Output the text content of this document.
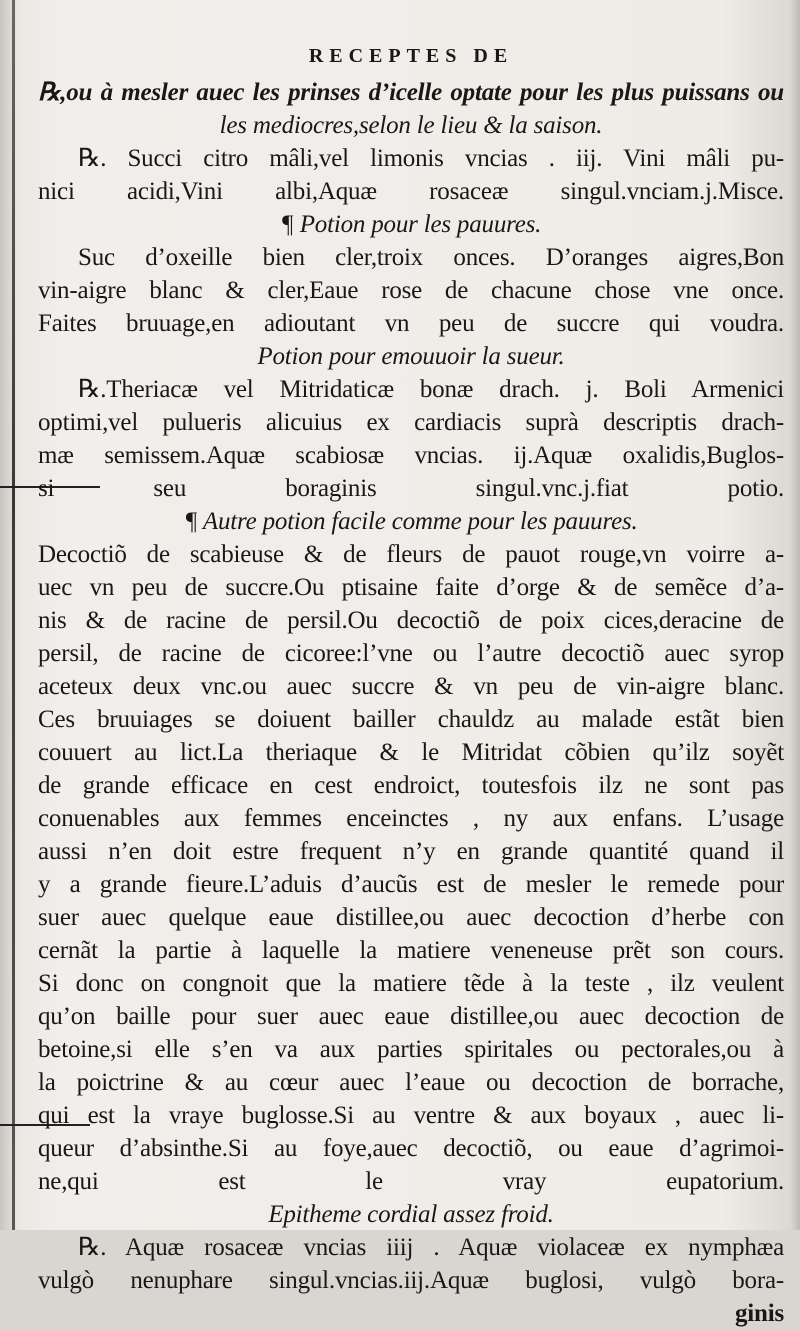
RECEPTES DE
℞,ou à mesler auec les prinses d’icelle optate pour les plus puissans ou
les mediocres,selon le lieu & la saison.
℞. Succi citro mâli,vel limonis vncias . iij. Vini mâli pu-
nici acidi,Vini albi,Aquæ rosaceæ singul.vnciam.j.Misce.
¶ Potion pour les pauures.
Suc d’oxeille bien cler,troix onces. D’oranges aigres,Bon
vin-aigre blanc & cler,Eaue rose de chacune chose vne once.
Faites bruuage,en adioutant vn peu de succre qui voudra.
Potion pour emouuoir la sueur.
℞.Theriacæ vel Mitridaticæ bonæ drach. j. Boli Armenici
optimi,vel pulueris alicuius ex cardiacis suprà descriptis drach-
mæ semissem.Aquæ scabiosæ vncias. ij.Aquæ oxalidis,Buglos-
si seu boraginis singul.vnc.j.fiat potio.
¶ Autre potion facile comme pour les pauures.
Decoctiõ de scabieuse & de fleurs de pauot rouge,vn voirre a-
uec vn peu de succre.Ou ptisaine faite d’orge & de semẽce d’a-
nis & de racine de persil.Ou decoctiõ de poix cices,deracine de
persil, de racine de cicoree:l’vne ou l’autre decoctiõ auec syrop
aceteux deux vnc.ou auec succre & vn peu de vin-aigre blanc.
Ces bruuiages se doiuent bailler chauldz au malade estãt bien
couuert au lict.La theriaque & le Mitridat cõbien qu’ilz soyẽt
de grande efficace en cest endroict, toutesfois ilz ne sont pas
conuenables aux femmes enceinctes , ny aux enfans. L’usage
aussi n’en doit estre frequent n’y en grande quantité quand il
y a grande fieure.L’aduis d’aucũs est de mesler le remede pour
suer auec quelque eaue distillee,ou auec decoction d’herbe con
cernãt la partie à laquelle la matiere veneneuse prẽt son cours.
Si donc on congnoit que la matiere tẽde à la teste , ilz veulent
qu’on baille pour suer auec eaue distillee,ou auec decoction de
betoine,si elle s’en va aux parties spiritales ou pectorales,ou à
la poictrine & au cœur auec l’eaue ou decoction de borrache,
qui est la vraye buglosse.Si au ventre & aux boyaux , auec li-
queur d’absinthe.Si au foye,auec decoctiõ, ou eaue d’agrimoi-
ne,qui est le vray eupatorium.
Epitheme cordial assez froid.
℞. Aquæ rosaceæ vncias iiij . Aquæ violaceæ ex nymphæa
vulgò nenuphare singul.vncias.iij.Aquæ buglosi, vulgò bora-
ginis
